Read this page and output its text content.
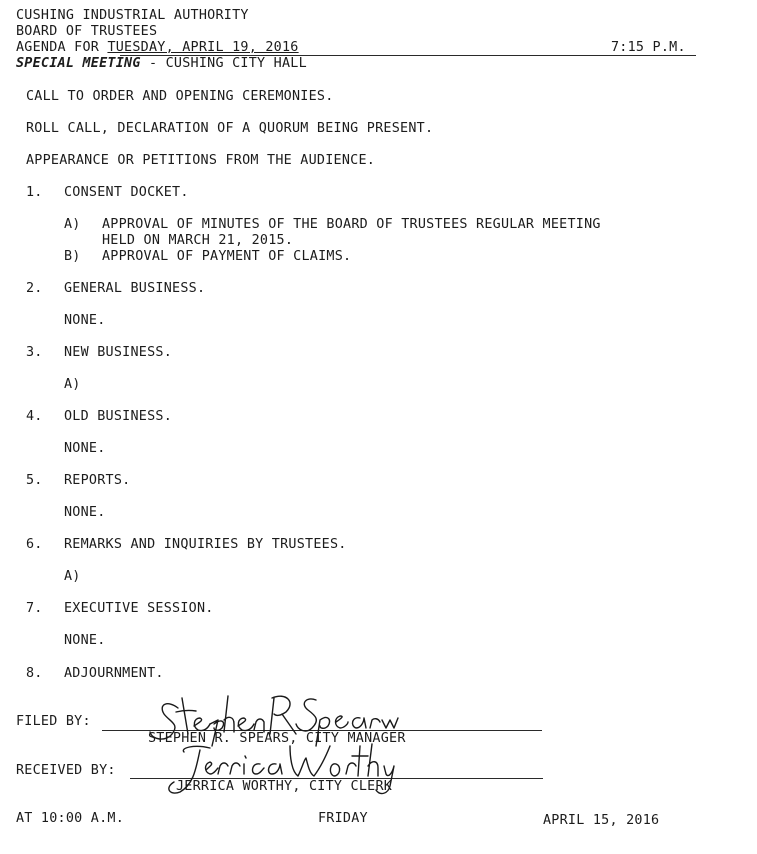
CUSHING INDUSTRIAL AUTHORITY
BOARD OF TRUSTEES
AGENDA FOR TUESDAY, APRIL 19, 2016	7:15 P.M.
SPECIAL MEETING - CUSHING CITY HALL
CALL TO ORDER AND OPENING CEREMONIES.
ROLL CALL, DECLARATION OF A QUORUM BEING PRESENT.
APPEARANCE OR PETITIONS FROM THE AUDIENCE.
1. CONSENT DOCKET.
A) APPROVAL OF MINUTES OF THE BOARD OF TRUSTEES REGULAR MEETING
HELD ON MARCH 21, 2015.
B) APPROVAL OF PAYMENT OF CLAIMS.
2. GENERAL BUSINESS.
NONE.
3. NEW BUSINESS.
A)
4. OLD BUSINESS.
NONE.
5. REPORTS.
NONE.
6. REMARKS AND INQUIRIES BY TRUSTEES.
A)
7. EXECUTIVE SESSION.
NONE.
8. ADJOURNMENT.
FILED BY:
STEPHEN R. SPEARS, CITY MANAGER
RECEIVED BY:
JERRICA WORTHY, CITY CLERK
AT 10:00 A.M.	FRIDAY	APRIL 15, 2016
